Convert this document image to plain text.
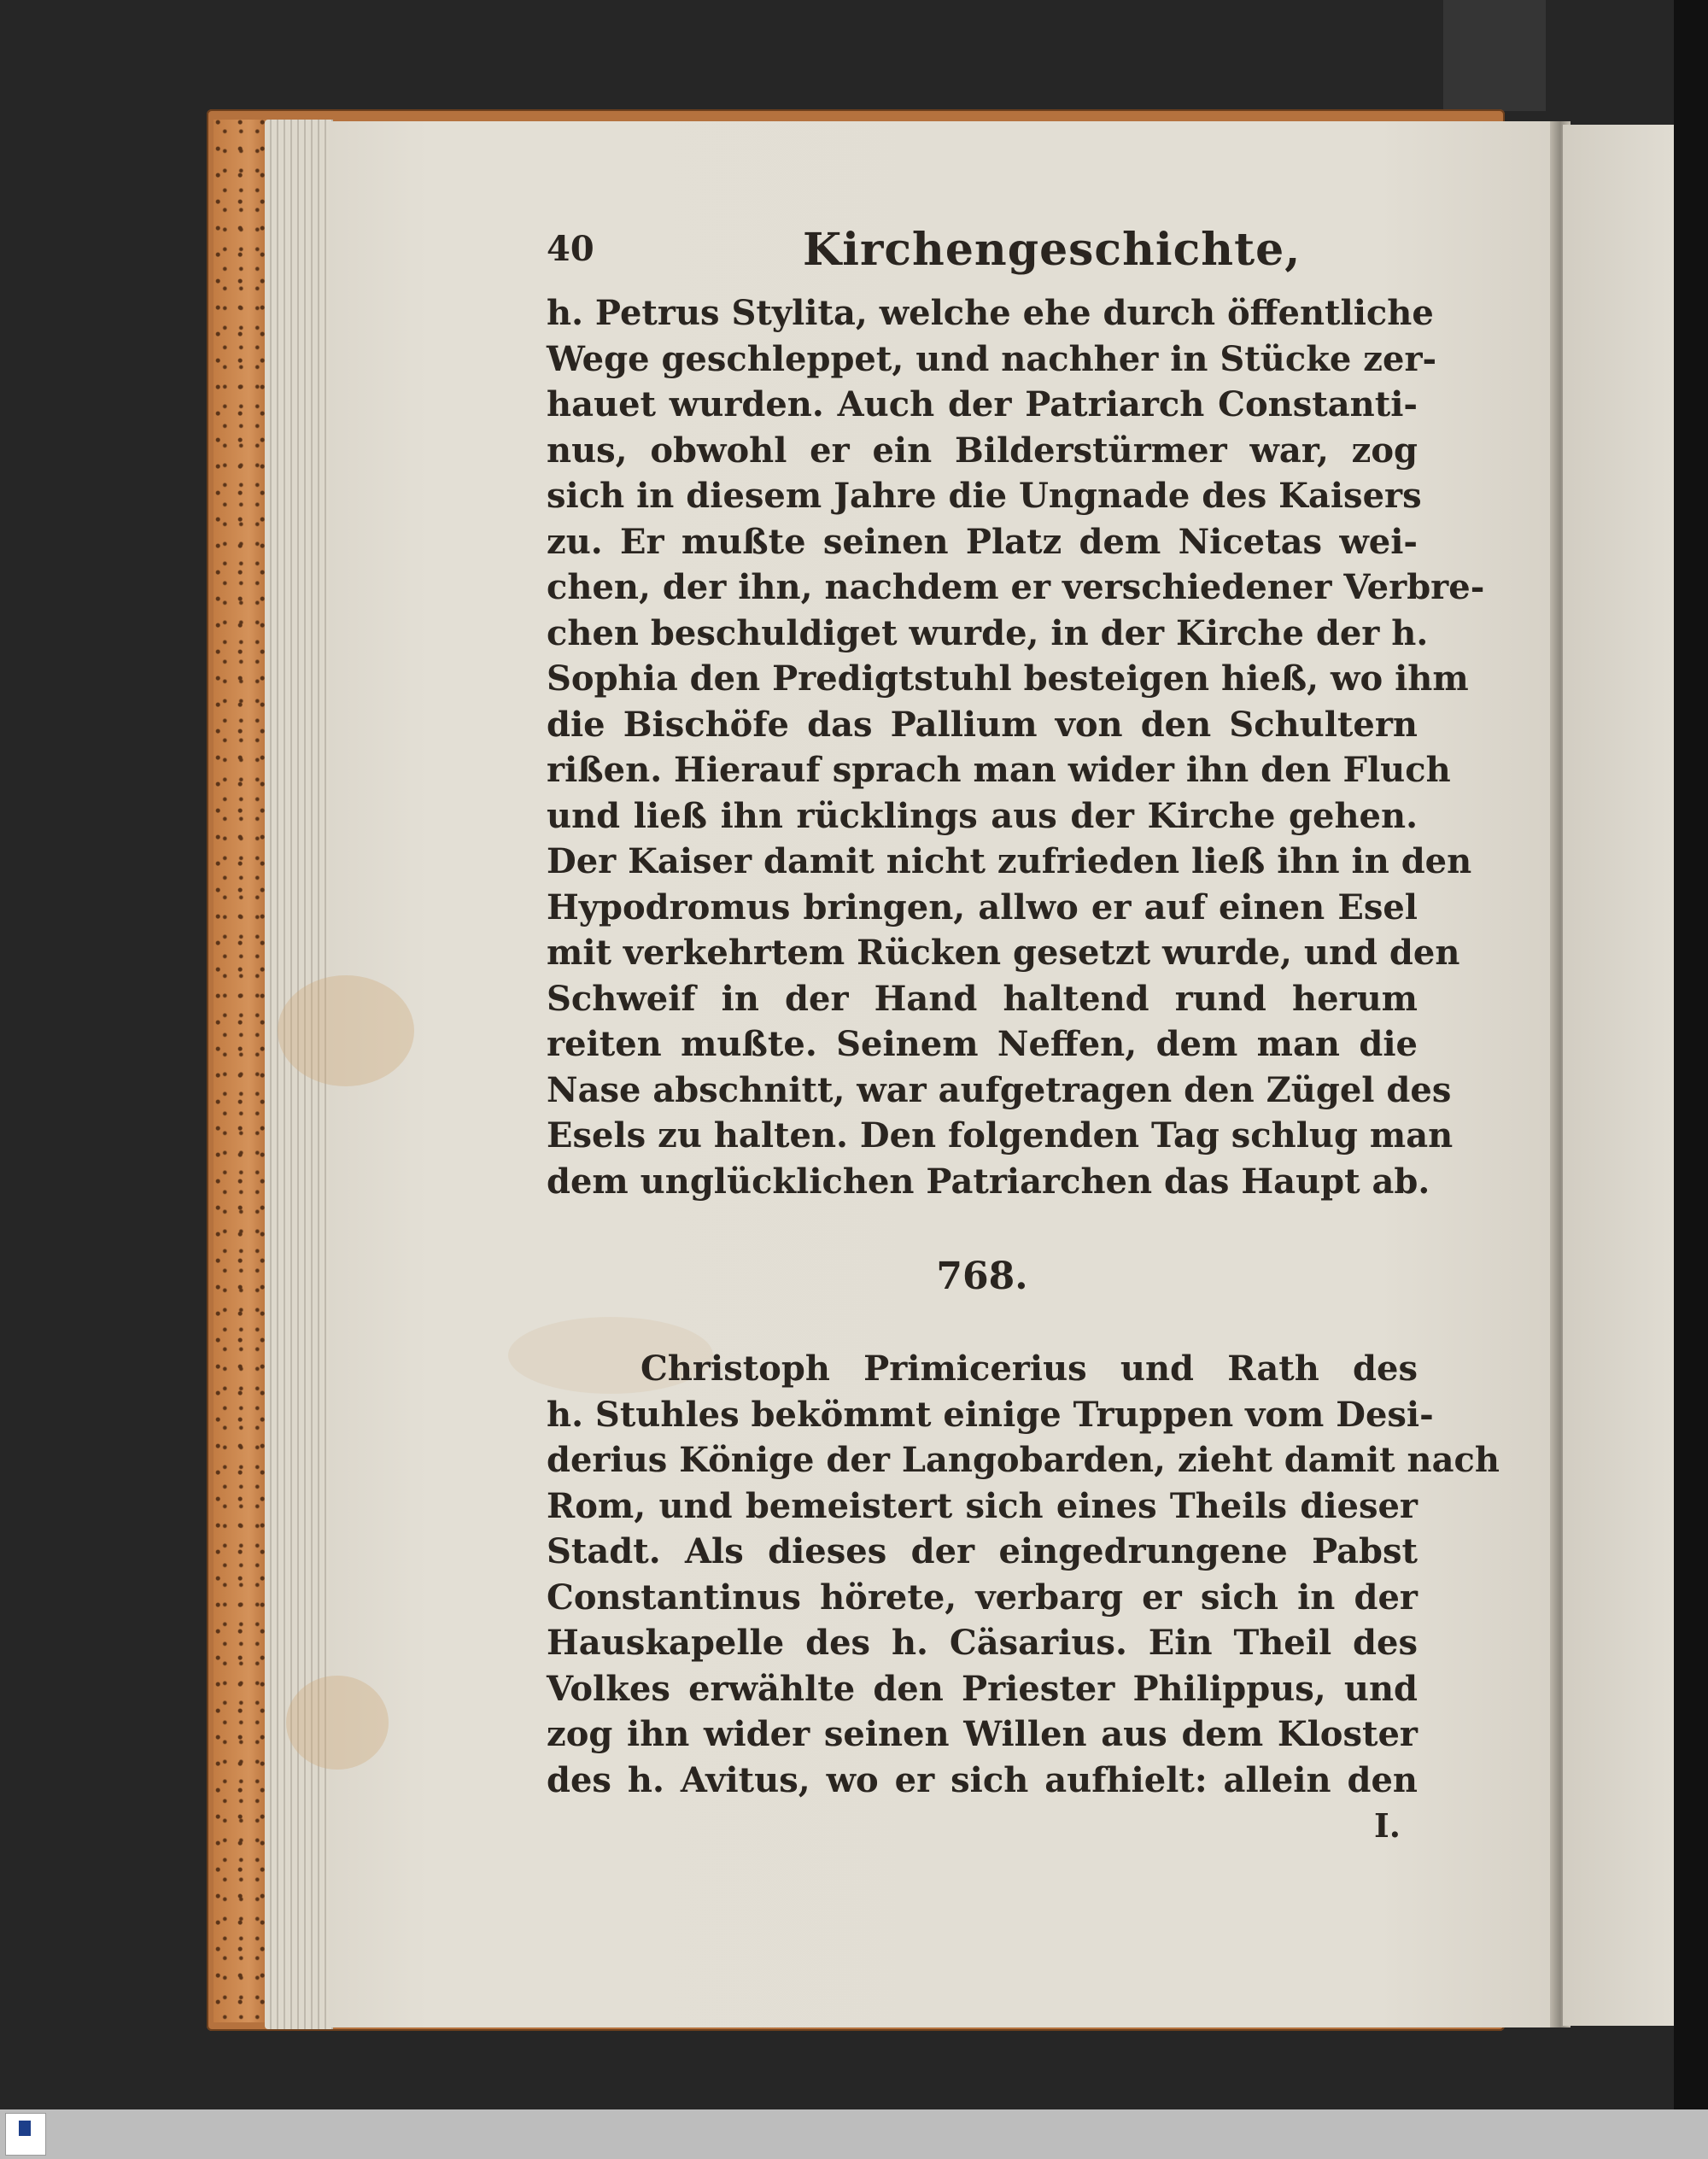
40	Kirchengeschichte,
h. Petrus Stylita, welche ehe durch öffentliche
Wege geschleppet, und nachher in Stücke zer-
hauet wurden. Auch der Patriarch Constanti-
nus, obwohl er ein Bilderstürmer war, zog
sich in diesem Jahre die Ungnade des Kaisers
zu. Er mußte seinen Platz dem Nicetas wei-
chen, der ihn, nachdem er verschiedener Verbre-
chen beschuldiget wurde, in der Kirche der h.
Sophia den Predigtstuhl besteigen hieß, wo ihm
die Bischöfe das Pallium von den Schultern
rißen. Hierauf sprach man wider ihn den Fluch
und ließ ihn rücklings aus der Kirche gehen.
Der Kaiser damit nicht zufrieden ließ ihn in den
Hypodromus bringen, allwo er auf einen Esel
mit verkehrtem Rücken gesetzt wurde, und den
Schweif in der Hand haltend rund herum
reiten mußte. Seinem Neffen, dem man die
Nase abschnitt, war aufgetragen den Zügel des
Esels zu halten. Den folgenden Tag schlug man
dem unglücklichen Patriarchen das Haupt ab.
768.
Christoph Primicerius und Rath des
h. Stuhles bekömmt einige Truppen vom Desi-
derius Könige der Langobarden, zieht damit nach
Rom, und bemeistert sich eines Theils dieser
Stadt. Als dieses der eingedrungene Pabst
Constantinus hörete, verbarg er sich in der
Hauskapelle des h. Cäsarius. Ein Theil des
Volkes erwählte den Priester Philippus, und
zog ihn wider seinen Willen aus dem Kloster
des h. Avitus, wo er sich aufhielt: allein den
I.
